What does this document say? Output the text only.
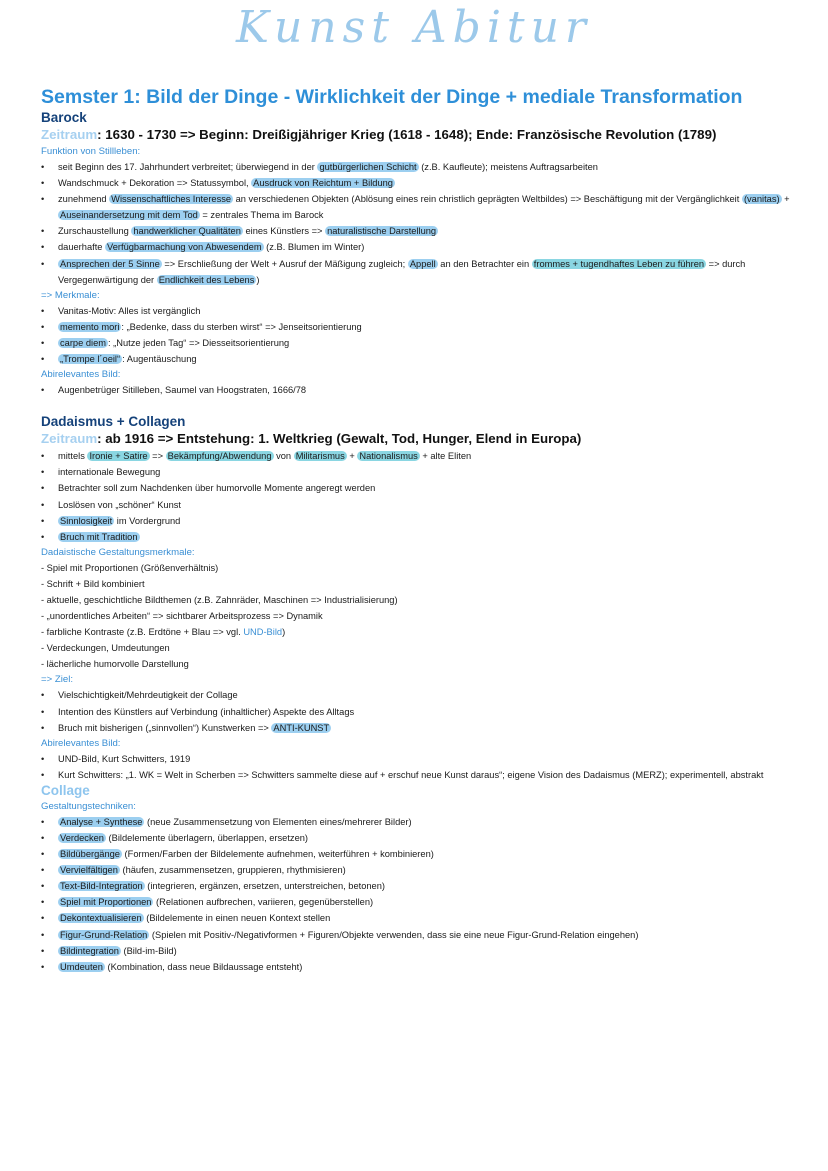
Kunst Abitur
Semster 1: Bild der Dinge - Wirklichkeit der Dinge + mediale Transformation
Barock
Zeitraum: 1630 - 1730 => Beginn: Dreißigjähriger Krieg (1618 - 1648); Ende: Französische Revolution (1789)
Funktion von Stillleben:
• seit Beginn des 17. Jahrhundert verbreitet; überwiegend in der gutbürgerlichen Schicht (z.B. Kaufleute); meistens Auftragsarbeiten
• Wandschmuck + Dekoration => Statussymbol, Ausdruck von Reichtum + Bildung
• zunehmend Wissenschaftliches Interesse an verschiedenen Objekten (Ablösung eines rein christlich geprägten Weltbildes) => Beschäftigung mit der Vergänglichkeit (vanitas) + Auseinandersetzung mit dem Tod = zentrales Thema im Barock
• Zurschaustellung handwerklicher Qualitäten eines Künstlers => naturalistische Darstellung
• dauerhafte Verfügbarmachung von Abwesendem (z.B. Blumen im Winter)
• Ansprechen der 5 Sinne => Erschließung der Welt + Ausruf der Mäßigung zugleich; Appell an den Betrachter ein frommes + tugendhaftes Leben zu führen => durch Vergegenwärtigung der Endlichkeit des Lebens )
=> Merkmale:
• Vanitas-Motiv: Alles ist vergänglich
• memento mori : „Bedenke, dass du sterben wirst“ => Jenseitsorientierung
• carpe diem : „Nutze jeden Tag“ => Diesseitsorientierung
• „Trompe l´oeil“ : Augentäuschung
Abirelevantes Bild:
• Augenbetrüger Sitilleben, Saumel van Hoogstraten, 1666/78
Dadaismus + Collagen
Zeitraum: ab 1916 => Entstehung: 1. Weltkrieg (Gewalt, Tod, Hunger, Elend in Europa)
• mittels Ironie + Satire => Bekämpfung/Abwendung von Militarismus + Nationalismus + alte Eliten
• internationale Bewegung
• Betrachter soll zum Nachdenken über humorvolle Momente angeregt werden
• Loslösen von „schöner“ Kunst
• Sinnlosigkeit im Vordergrund
• Bruch mit Tradition
Dadaistische Gestaltungsmerkmale:
- Spiel mit Proportionen (Größenverhältnis)
- Schrift + Bild kombiniert
- aktuelle, geschichtliche Bildthemen (z.B. Zahnräder, Maschinen => Industrialisierung)
- „unordentliches Arbeiten“ => sichtbarer Arbeitsprozess => Dynamik
- farbliche Kontraste (z.B. Erdtöne + Blau => vgl. UND-Bild)
- Verdeckungen, Umdeutungen
- lächerliche humorvolle Darstellung
=> Ziel:
• Vielschichtigkeit/Mehrdeutigkeit der Collage
• Intention des Künstlers auf Verbindung (inhaltlicher) Aspekte des Alltags
• Bruch mit bisherigen („sinnvollen“) Kunstwerken => ANTI-KUNST
Abirelevantes Bild:
• UND-Bild, Kurt Schwitters, 1919
• Kurt Schwitters: „1. WK = Welt in Scherben => Schwitters sammelte diese auf + erschuf neue Kunst daraus“; eigene Vision des Dadaismus (MERZ); experimentell, abstrakt
Collage
Gestaltungstechniken:
• Analyse + Synthese (neue Zusammensetzung von Elementen eines/mehrerer Bilder)
• Verdecken (Bildelemente überlagern, überlappen, ersetzen)
• Bildübergänge (Formen/Farben der Bildelemente aufnehmen, weiterführen + kombinieren)
• Vervielfältigen (häufen, zusammensetzen, gruppieren, rhythmisieren)
• Text-Bild-Integration (integrieren, ergänzen, ersetzen, unterstreichen, betonen)
• Spiel mit Proportionen (Relationen aufbrechen, variieren, gegenüberstellen)
• Dekontextualisieren (Bildelemente in einen neuen Kontext stellen
• Figur-Grund-Relation (Spielen mit Positiv-/Negativformen + Figuren/Objekte verwenden, dass sie eine neue Figur-Grund-Relation eingehen)
• Bildintegration (Bild-im-Bild)
• Umdeuten (Kombination, dass neue Bildaussage entsteht)
